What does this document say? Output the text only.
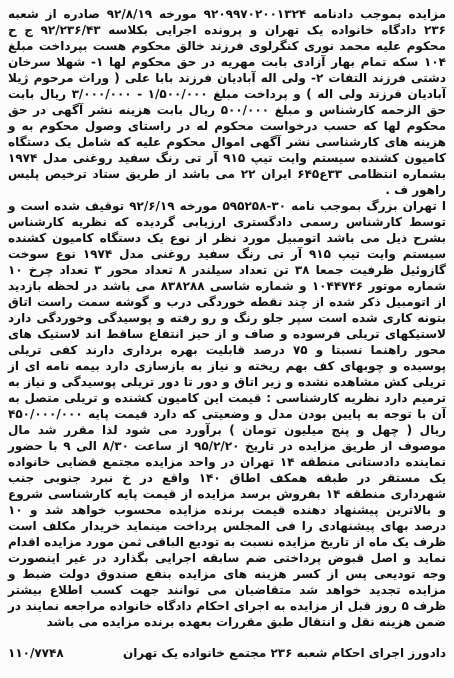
مزایده بموجب دادنامه ۹۲۰۹۹۷۰۲۰۰۱۳۲۴ مورخه ۹۲/۸/۱۹ صادره از شعبه ۲۳۶ دادگاه خانواده یک تهران و پرونده اجرایی بکلاسه ۹۲/۲۳۶/۴۳ ج ح محکوم علیه محمد نوری کنگرلوی فرزند خالق محکوم هست بپرداخت مبلغ ۱۰۴ سکه تمام بهار آزادی بابت مهریه در حق محکوم لها ۱- شهلا سرخان دشتی فرزند التفات ۲- ولی اله آبادیان فرزند بابا علی ( وراث مرحوم ژیلا آبادیان فرزند ولی اله ) و پرداخت مبلغ ۱/۵۰۰/۰۰۰ - ۳/۰۰۰/۰۰۰ ریال بابت حق الزحمه کارشناس و مبلغ ۵۰۰/۰۰۰ ریال بابت هزینه نشر آگهی در حق محکوم لها که حسب درخواست محکوم له در راستای وصول محکوم به و هزینه های کارشناسی نشر آگهی اموال محکوم علیه که شامل یک دستگاه کامیون کشنده سیستم وایت تیپ ۹۱۵ آر تی رنگ سفید روغنی مدل ۱۹۷۴ بشماره انتظامی ۳۳ع۶۴۵ ایران ۲۲ می باشد از طریق ستاد ترخیص پلیس راهور ف .

ا تهران بزرگ بموجب نامه ۳۰-۵۹۵۲۵۸ مورخه ۹۲/۶/۱۹ توقیف شده است و توسط کارشناس رسمی دادگستری ارزیابی گردیده که نظریه کارشناس بشرح ذیل می باشد اتومبیل مورد نظر از نوع یک دستگاه کامیون کشنده سیستم وایت تیپ ۹۱۵ آر تی رنگ سفید روغنی مدل ۱۹۷۴ نوع سوخت گازوئیل ظرفیت جمعا ۳۸ تن تعداد سیلندر ۸ تعداد محور ۳ تعداد چرخ ۱۰ شماره موتور ۱۰۴۴۷۴۶ و شماره شاسی ۸۳۸۲۸۸ می باشد در لحظه بازدید از اتومبیل ذکر شده از چند نقطه خوردگی درب و گوشه سمت راست اتاق بتونه کاری شده است سپر جلو رنگ و رو رفته و پوسیدگی وخوردگی دارد لاستیکهای تریلی فرسوده و صاف و از حیز انتفاع ساقط اند لاستیک های محور راهنما نسبتا و ۷۵ درصد قابلیت بهره برداری دارند کفی تریلی پوسیده و چوبهای کف بهم ریخته و نیاز به بازسازی دارد بیمه نامه ای از تریلی کش مشاهده نشده و زیر اتاق و دور تا دور تریلی پوسیدگی و نیاز به ترمیم دارد نظریه کارشناسی : قیمت این کامیون کشنده و تریلی متصل به آن با توجه به پایین بودن مدل و وضعیتی که دارد قیمت پایه ۴۵۰/۰۰۰/۰۰۰ ریال ( چهل و پنج میلیون تومان ) برآورد می شود لذا مقرر شد مال موصوف از طریق مزایده در تاریخ ۹۵/۲/۲۰ از ساعت ۸/۳۰ الی ۹ با حضور نماینده دادستانی منطقه ۱۴ تهران در واحد مزایده مجتمع قضایی خانواده یک مستقر در طبقه همکف اطاق ۱۴۰ واقع در خ نبرد جنوبی جنب شهرداری منطقه ۱۴ بفروش برسد مزایده از قیمت پایه کارشناسی شروع و بالاترین پیشنهاد دهنده قیمت برنده مزایده محسوب خواهد شد و ۱۰ درصد بهای پیشنهادی را فی المجلس پرداخت مینماید خریدار مکلف است ظرف یک ماه از تاریخ مزایده نسبت به تودیع الباقی ثمن مورد مزایده اقدام نماید و اصل قبوض پرداختی ضم سابقه اجرایی بگذارد در غیر اینصورت وجه تودیعی پس از کسر هزینه های مزایده بنفع صندوق دولت ضبط و مزایده تجدید خواهد شد متقاضیان می توانند جهت کسب اطلاع بیشتر ظرف ۵ روز قبل از مزایده به اجرای احکام دادگاه خانواده مراجعه نمایند در ضمن هزینه نقل و انتقال طبق مقررات بعهده برنده مزایده می باشد

دادورز اجرای احکام شعبه ۲۳۶ مجتمع خانواده یک تهران
۱۱۰/۷۷۴۸
